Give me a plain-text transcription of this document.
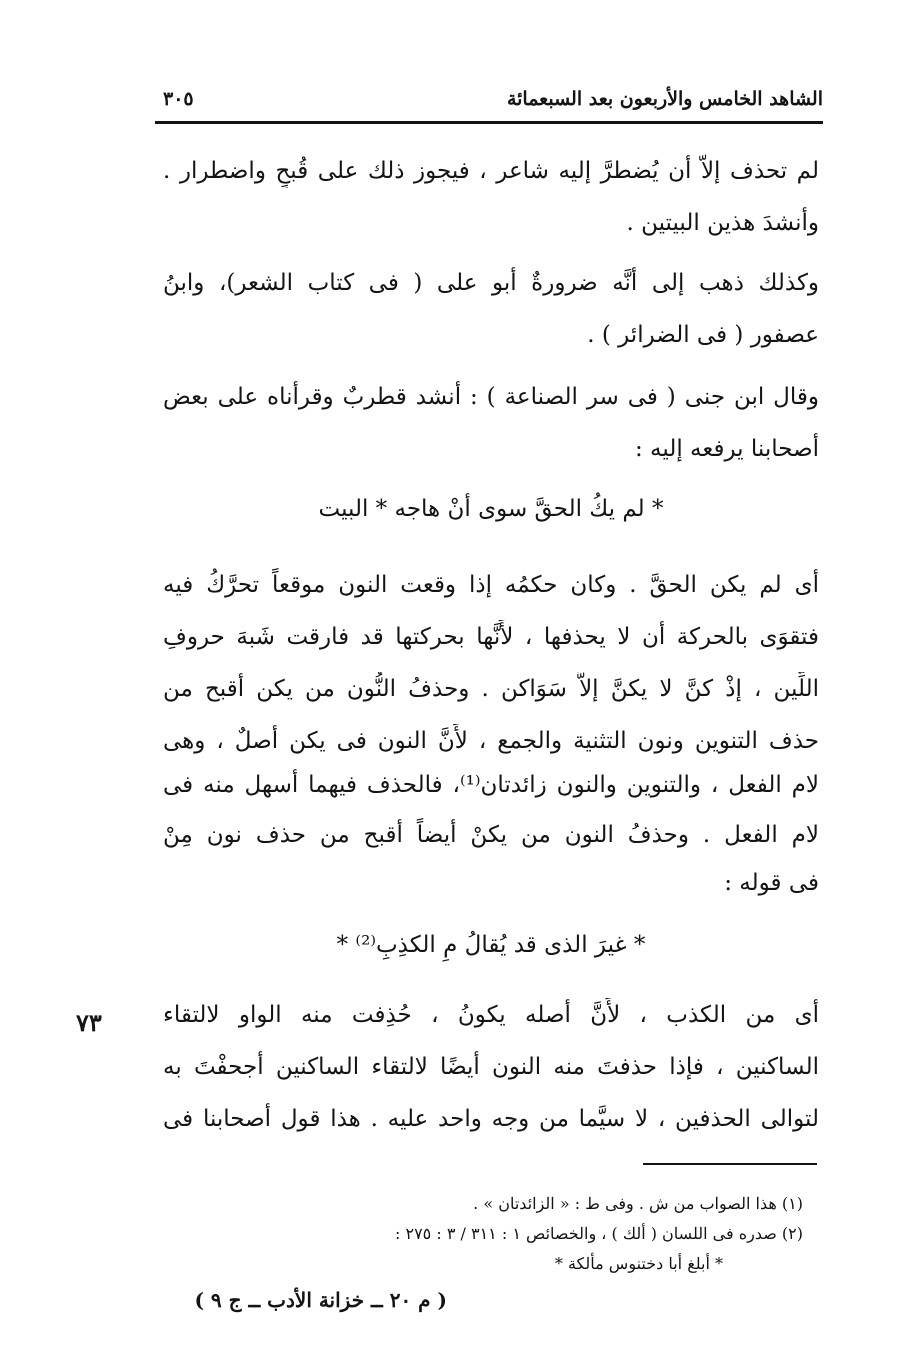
الشاهد الخامس والأربعون بعد السبعمائة
٣٠٥
لم تحذف إلاّ أن يُضطرَّ إليه شاعر ، فيجوز ذلك على قُبحٍ واضطرار .
وأنشدَ هذين البيتين .
وكذلك ذهب إلى أنَّه ضرورةٌ أبو على ( فى كتاب الشعر)، وابنُ
عصفور ( فى الضرائر ) .
وقال ابن جنى ( فى سر الصناعة ) : أنشد قطربٌ وقرأْناه على بعض
أصحابنا يرفعه إليه :
* لم يكُ الحقَّ سوى أنْ هاجه * البيت
أى لم يكن الحقَّ . وكان حكمُه إذا وقعت النون موقعاً تحرَّكُ فيه
فتقوَى بالحركة أن لا يحذفها ، لأَنَّها بحركتها قد فارقت شَبهَ حروفِ
اللِّين ، إذْ كنَّ لا يكنَّ إلاَّ سَوَاكن . وحذفُ النُّون من يكن أقبح من
حذف التنوين ونون التثنية والجمع ، لأَنَّ النون فى يكن أصلٌ ، وهى
لام الفعل ، والتنوين والنون زائدتان⁽¹⁾، فالحذف فيهما أسهل منه فى
لام الفعل . وحذفُ النون من يكنْ أيضاً أقبح من حذف نون مِنْ
فى قوله :
* غيرَ الذى قد يُقالُ مِ الكذِبِ⁽²⁾ *
أى من الكذب ، لأَنَّ أصله يكونُ ، حُذِفت منه الواو لالتقاء
الساكنين ، فإذا حذفتَ منه النون أيضًا لالتقاء الساكنين أجحفْتَ به
لتوالى الحذفين ، لا سيَّما من وجه واحد عليه . هذا قول أصحابنا فى
٧٣
(١) هذا الصواب من ش . وفى ط : « الزائدتان » .
(٢) صدره فى اللسان ( ألك ) ، والخصائص ١ : ٣١١ / ٣ : ٢٧٥ :
* أبلغ أبا دختنوس مألكة *
( م ٢٠ ــ خزانة الأدب ــ ج ٩ )
